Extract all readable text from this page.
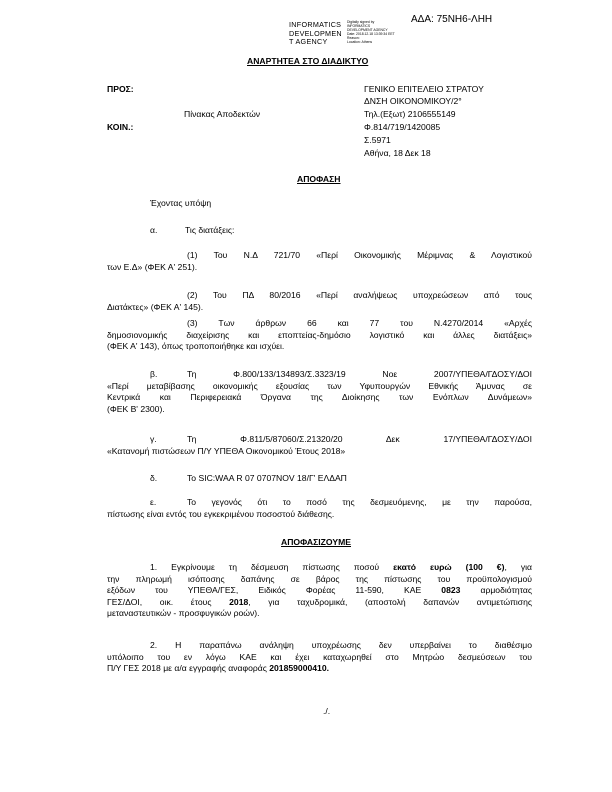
ΑΔΑ: 75ΝΗ6-ΛΗΗ
INFORMATICS
DEVELOPMEN
T AGENCY
Digitally signed by
INFORMATICS
DEVELOPMENT AGENCY
Date: 2018.12.18 13:39:34 EET
Reason:
Location: Athens
ΑΝΑΡΤΗΤΕΑ ΣΤΟ ΔΙΑΔΙΚΤΥΟ
ΠΡΟΣ:	ΓΕΝΙΚΟ ΕΠΙΤΕΛΕΙΟ ΣΤΡΑΤΟΥ
ΔΝΣΗ ΟΙΚΟΝΟΜΙΚΟΥ/2°
Πίνακας Αποδεκτών	Τηλ.(Εξωτ) 2106555149
ΚΟΙΝ.:	Φ.814/719/1420085
Σ.5971
Αθήνα, 18 Δεκ 18
ΑΠΟΦΑΣΗ
Έχοντας υπόψη
α.	Τις διατάξεις:
(1) Του Ν.Δ 721/70 «Περί Οικονομικής Μέριμνας & Λογιστικού
των Ε.Δ» (ΦΕΚ Α' 251).
(2) Του ΠΔ 80/2016 «Περί αναλήψεως υποχρεώσεων από τους
Διατάκτες» (ΦΕΚ Α' 145).
(3) Των άρθρων 66 και 77 του Ν.4270/2014 «Αρχές
δημοσιονομικής διαχείρισης και εποπτείας-δημόσιο λογιστικό και άλλες διατάξεις»
(ΦΕΚ Α' 143), όπως τροποποιήθηκε και ισχύει.
β.	Τη Φ.800/133/134893/Σ.3323/19 Νοε 2007/ΥΠΕΘΑ/ΓΔΟΣΥ/ΔΟΙ
«Περί μεταβίβασης οικονομικής εξουσίας των Υφυπουργών Εθνικής Άμυνας σε
Κεντρικά και Περιφερειακά Όργανα της Διοίκησης των Ενόπλων Δυνάμεων»
(ΦΕΚ Β' 2300).
γ.	Τη Φ.811/5/87060/Σ.21320/20 Δεκ 17/ΥΠΕΘΑ/ΓΔΟΣΥ/ΔΟΙ
«Κατανομή πιστώσεων Π/Υ ΥΠΕΘΑ Οικονομικού Έτους 2018»
δ.	Το SIC:WAA R 07 0707NOV 18/Γ' ΕΛΔΑΠ
ε.	Το γεγονός ότι το ποσό της δεσμευόμενης, με την παρούσα,
πίστωσης είναι εντός του εγκεκριμένου ποσοστού διάθεσης.
ΑΠΟΦΑΣΙΖΟΥΜΕ
1. Εγκρίνουμε τη δέσμευση πίστωσης ποσού εκατό ευρώ (100 €), για
την πληρωμή ισόποσης δαπάνης σε βάρος της πίστωσης του προϋπολογισμού
εξόδων του ΥΠΕΘΑ/ΓΕΣ, Ειδικός Φορέας 11-590, ΚΑΕ 0823 αρμοδιότητας
ΓΕΣ/ΔΟΙ, οικ. έτους 2018, για ταχυδρομικά, (αποστολή δαπανών αντιμετώπισης
μεταναστευτικών - προσφυγικών ροών).
2. Η παραπάνω ανάληψη υποχρέωσης δεν υπερβαίνει το διαθέσιμο
υπόλοιπο του εν λόγω ΚΑΕ και έχει καταχωρηθεί στο Μητρώο δεσμεύσεων του
Π/Υ ΓΕΣ 2018 με α/α εγγραφής αναφοράς 201859000410.
./.
